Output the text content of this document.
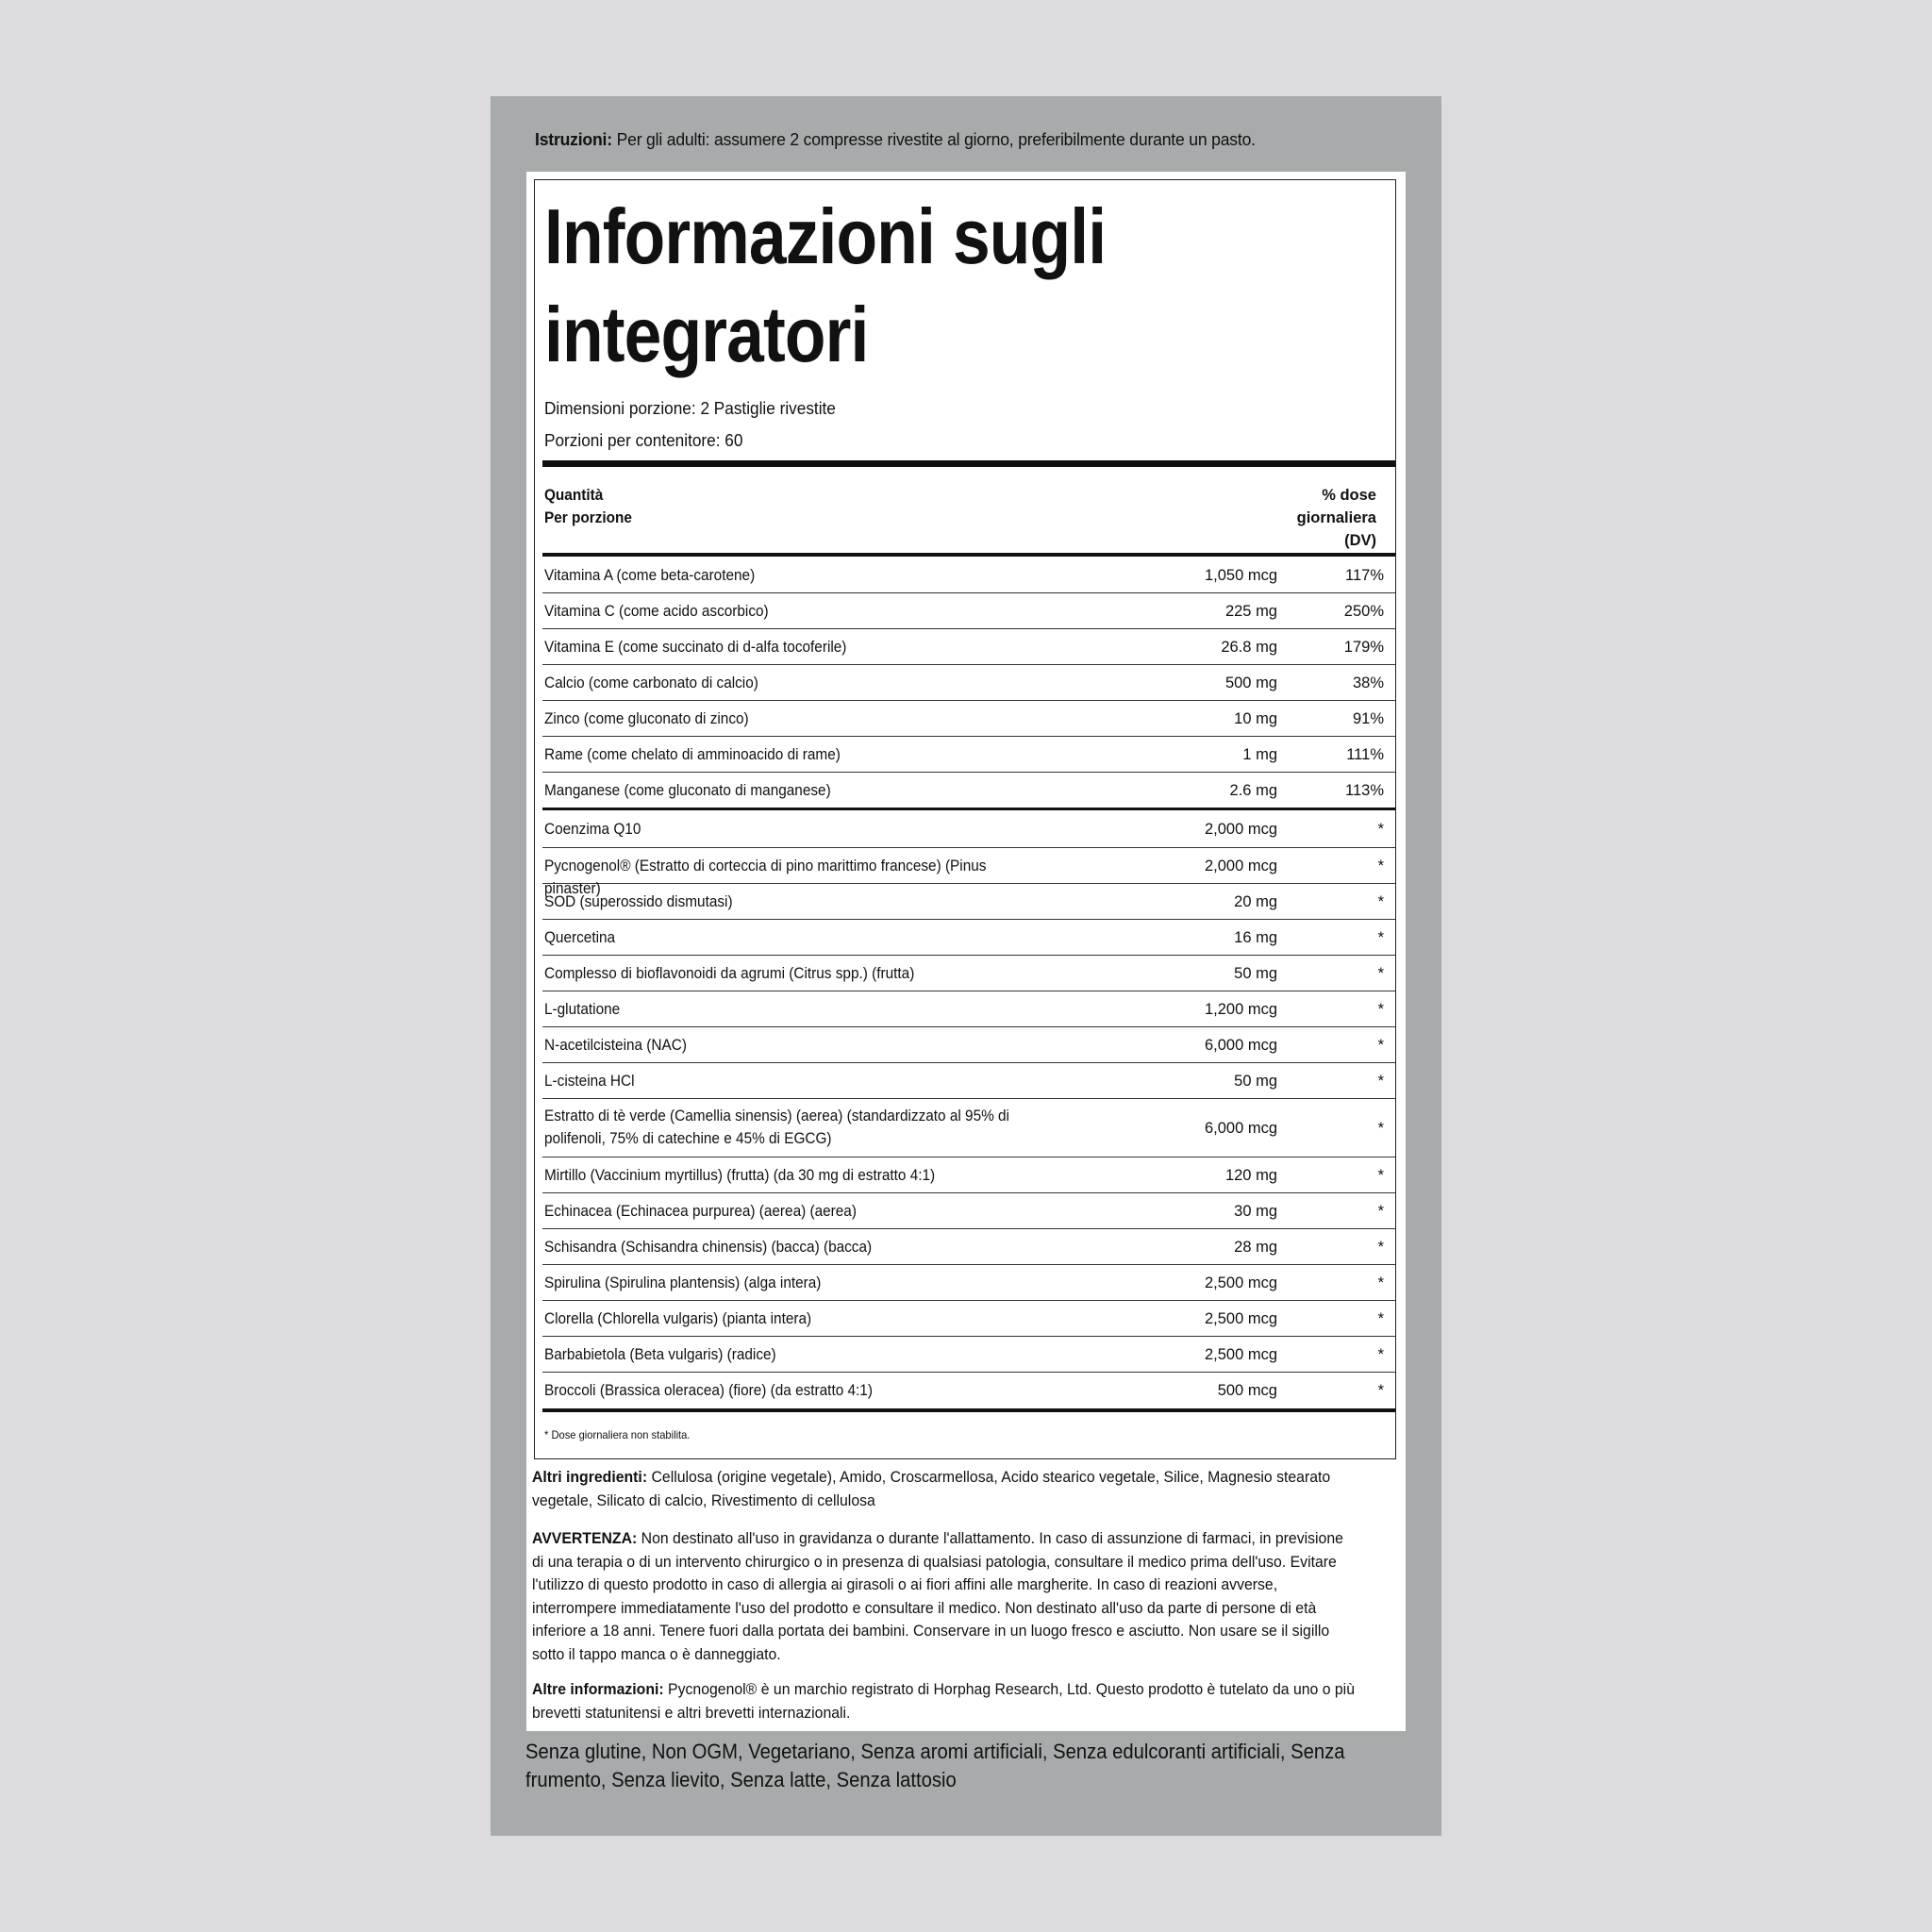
Istruzioni: Per gli adulti: assumere 2 compresse rivestite al giorno, preferibilmente durante un pasto.
Informazioni sugli
integratori
Dimensioni porzione: 2 Pastiglie rivestite
Porzioni per contenitore: 60
Quantità
Per porzione
% dose
giornaliera
(DV)
Vitamina A (come beta-carotene)	1,050 mcg	117%
Vitamina C (come acido ascorbico)	225 mg	250%
Vitamina E (come succinato di d-alfa tocoferile)	26.8 mg	179%
Calcio (come carbonato di calcio)	500 mg	38%
Zinco (come gluconato di zinco)	10 mg	91%
Rame (come chelato di amminoacido di rame)	1 mg	111%
Manganese (come gluconato di manganese)	2.6 mg	113%
Coenzima Q10	2,000 mcg	*
Pycnogenol® (Estratto di corteccia di pino marittimo francese) (Pinus pinaster)
2,000 mcg	*
SOD (superossido dismutasi)	20 mg	*
Quercetina	16 mg	*
Complesso di bioflavonoidi da agrumi (Citrus spp.) (frutta)	50 mg	*
L-glutatione	1,200 mcg	*
N-acetilcisteina (NAC)	6,000 mcg	*
L-cisteina HCl	50 mg	*
Estratto di tè verde (Camellia sinensis) (aerea) (standardizzato al 95% di polifenoli, 75% di catechine e 45% di EGCG)
6,000 mcg	*
Mirtillo (Vaccinium myrtillus) (frutta) (da 30 mg di estratto 4:1)	120 mg	*
Echinacea (Echinacea purpurea) (aerea) (aerea)	30 mg	*
Schisandra (Schisandra chinensis) (bacca) (bacca)	28 mg	*
Spirulina (Spirulina plantensis) (alga intera)	2,500 mcg	*
Clorella (Chlorella vulgaris) (pianta intera)	2,500 mcg	*
Barbabietola (Beta vulgaris) (radice)	2,500 mcg	*
Broccoli (Brassica oleracea) (fiore) (da estratto 4:1)	500 mcg	*
* Dose giornaliera non stabilita.
Altri ingredienti: Cellulosa (origine vegetale), Amido, Croscarmellosa, Acido stearico vegetale, Silice, Magnesio stearato vegetale, Silicato di calcio, Rivestimento di cellulosa
AVVERTENZA: Non destinato all'uso in gravidanza o durante l'allattamento. In caso di assunzione di farmaci, in previsione di una terapia o di un intervento chirurgico o in presenza di qualsiasi patologia, consultare il medico prima dell'uso. Evitare l'utilizzo di questo prodotto in caso di allergia ai girasoli o ai fiori affini alle margherite. In caso di reazioni avverse, interrompere immediatamente l'uso del prodotto e consultare il medico. Non destinato all'uso da parte di persone di età inferiore a 18 anni. Tenere fuori dalla portata dei bambini. Conservare in un luogo fresco e asciutto. Non usare se il sigillo sotto il tappo manca o è danneggiato.
Altre informazioni: Pycnogenol® è un marchio registrato di Horphag Research, Ltd. Questo prodotto è tutelato da uno o più brevetti statunitensi e altri brevetti internazionali.
Senza glutine, Non OGM, Vegetariano, Senza aromi artificiali, Senza edulcoranti artificiali, Senza frumento, Senza lievito, Senza latte, Senza lattosio
